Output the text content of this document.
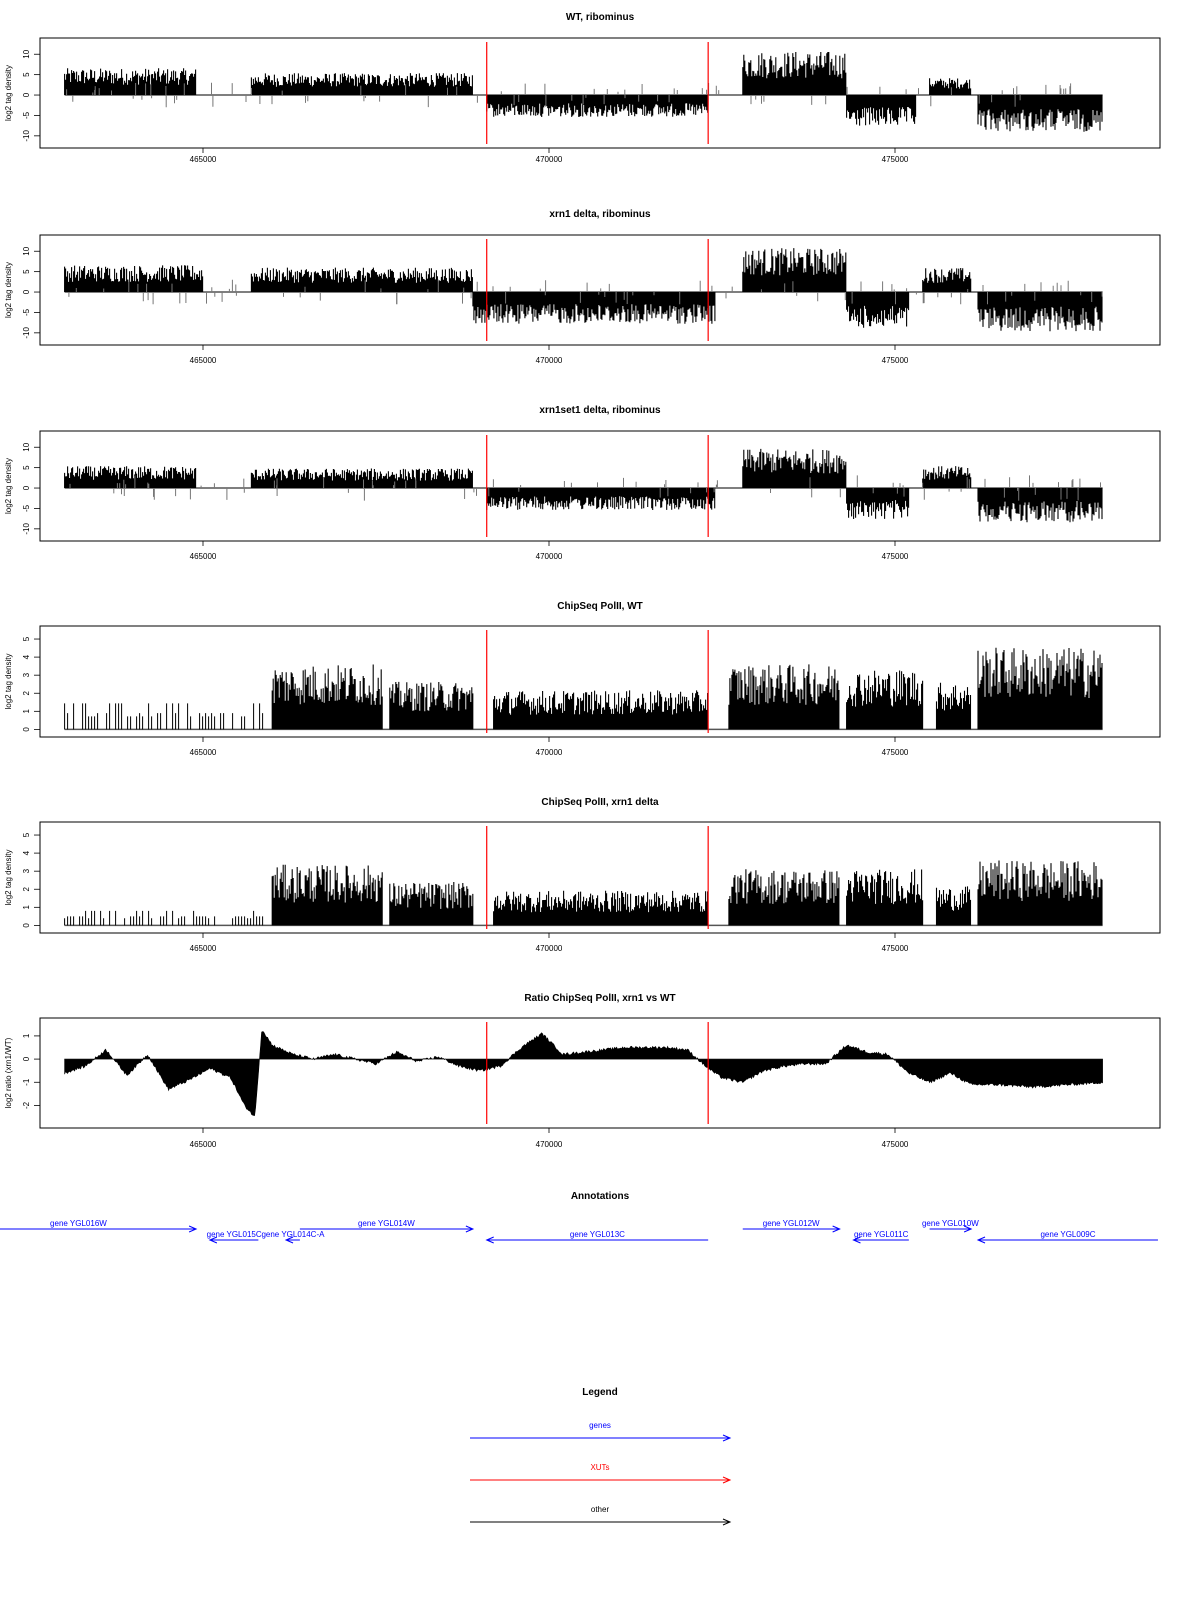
WT, ribominus
10
5
0
-5
-10
log2 tag density
465000	470000	475000
xrn1 delta, ribominus
10
5
0
-5
-10
log2 tag density
465000	470000	475000
xrn1set1 delta, ribominus
10
5
0
-5
-10
log2 tag density
465000	470000	475000
ChipSeq PolII, WT
0
1
2
3
4
5
log2 tag density
465000	470000	475000
ChipSeq PolII, xrn1 delta
0
1
2
3
4
5
log2 tag density
465000	470000	475000
Ratio ChipSeq PolII, xrn1 vs WT
1
0
-1
-2
log2 ratio (xrn1/WT)
465000	470000	475000
Annotations
gene YGL016W
gene YGL015C gene YGL014C-A
gene YGL014W
gene YGL013C
gene YGL012W
gene YGL011C
gene YGL010W
gene YGL009C
Legend
genes
XUTs
other
